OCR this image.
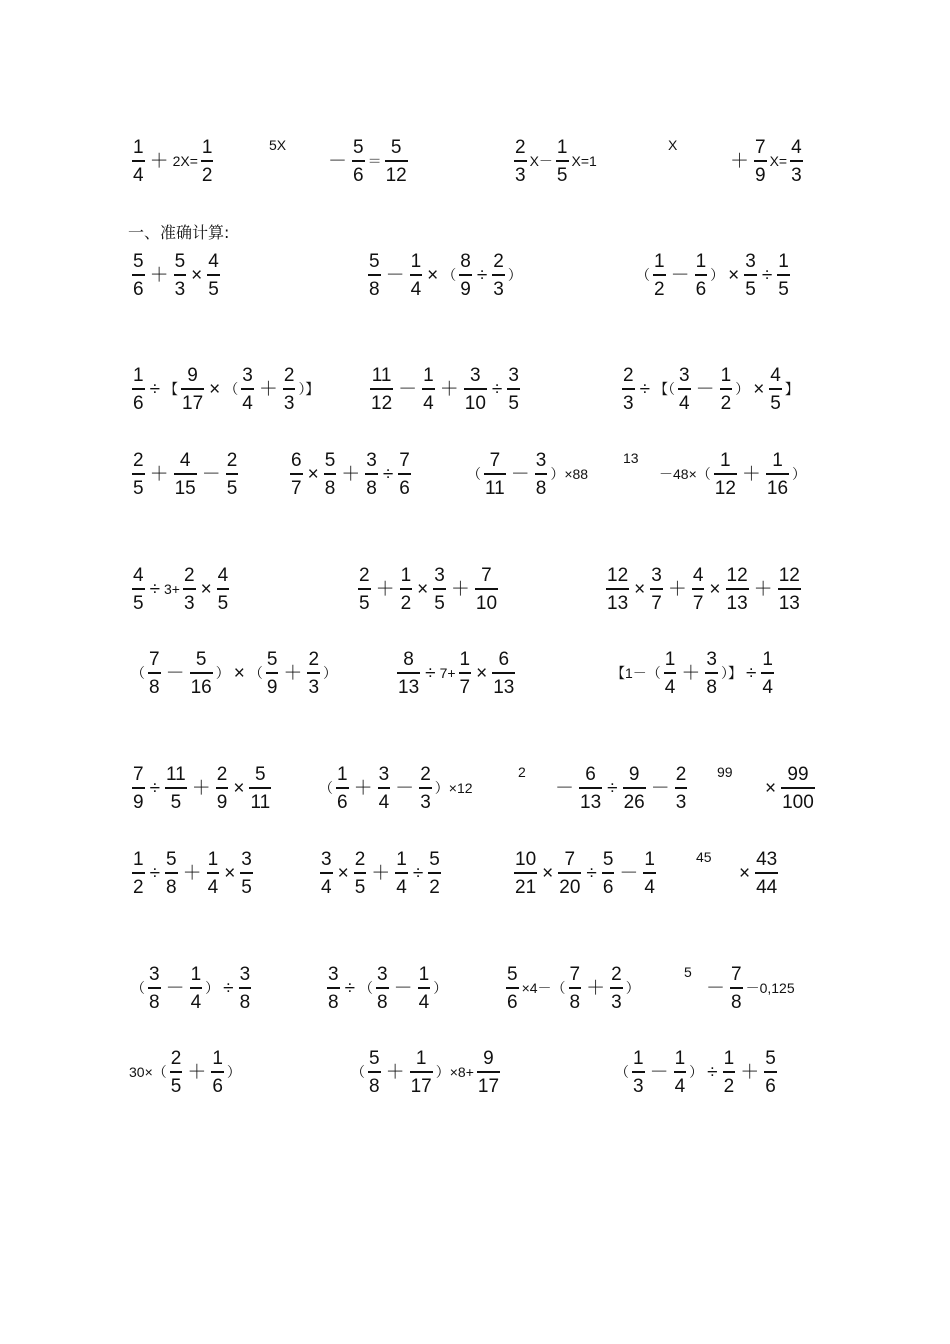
一、准确计算:
1
4
＋ 2X=
1
2
5X
－
5
6
＝
5
12
2
3
X－
1
5
X=1
X
＋
7
9
X=
4
3
5
6
＋
5
3
×
4
5
5
8
－
1
4
× （
8
9
÷
2
3
）	（
1
2
－
1
6
） ×
3
5
÷
1
5
1
6
÷ 【
9
17
× （
3
4
＋
2
3
）】
11
12
－
1
4
＋
3
10
÷
3
5
2
3
÷ 【（
3
4
－
1
2
） ×
4
5
】
2
5
＋
4
15
－
2
5
6
7
×
5
8
＋
3
8
÷
7
6
（
7
11
－
3
8
）×88
13
－48×（
1
12
＋
1
16
）
4
5
÷ 3+
2
3
×
4
5
2
5
＋
1
2
×
3
5
＋
7
10
12
13
×
3
7
＋
4
7
×
12
13
＋
12
13
（
7
8
－
5
16
） × （
5
9
＋
2
3
）
8
13
÷ 7+
1
7
×
6
13
【1－（
1
4
＋
3
8
）】 ÷
1
4
7
9
÷
11
5
＋
2
9
×
5
11
（
1
6
＋
3
4
－
2
3
）×12
2
－
6
13
÷
9
26
－
2
3
99
×
99
100
1
2
÷
5
8
＋
1
4
×
3
5
3
4
×
2
5
＋
1
4
÷
5
2
10
21
×
7
20
÷
5
6
－
1
4
45
×
43
44
（
3
8
－
1
4
） ÷
3
8
3
8
÷ （
3
8
－
1
4
）
5
6
×4－（
7
8
＋
2
3
）
5
－
7
8
－0,125
30×（
2
5
＋
1
6
）	（
5
8
＋
1
17
）×8+
9
17
（
1
3
－
1
4
） ÷
1
2
＋
5
6
